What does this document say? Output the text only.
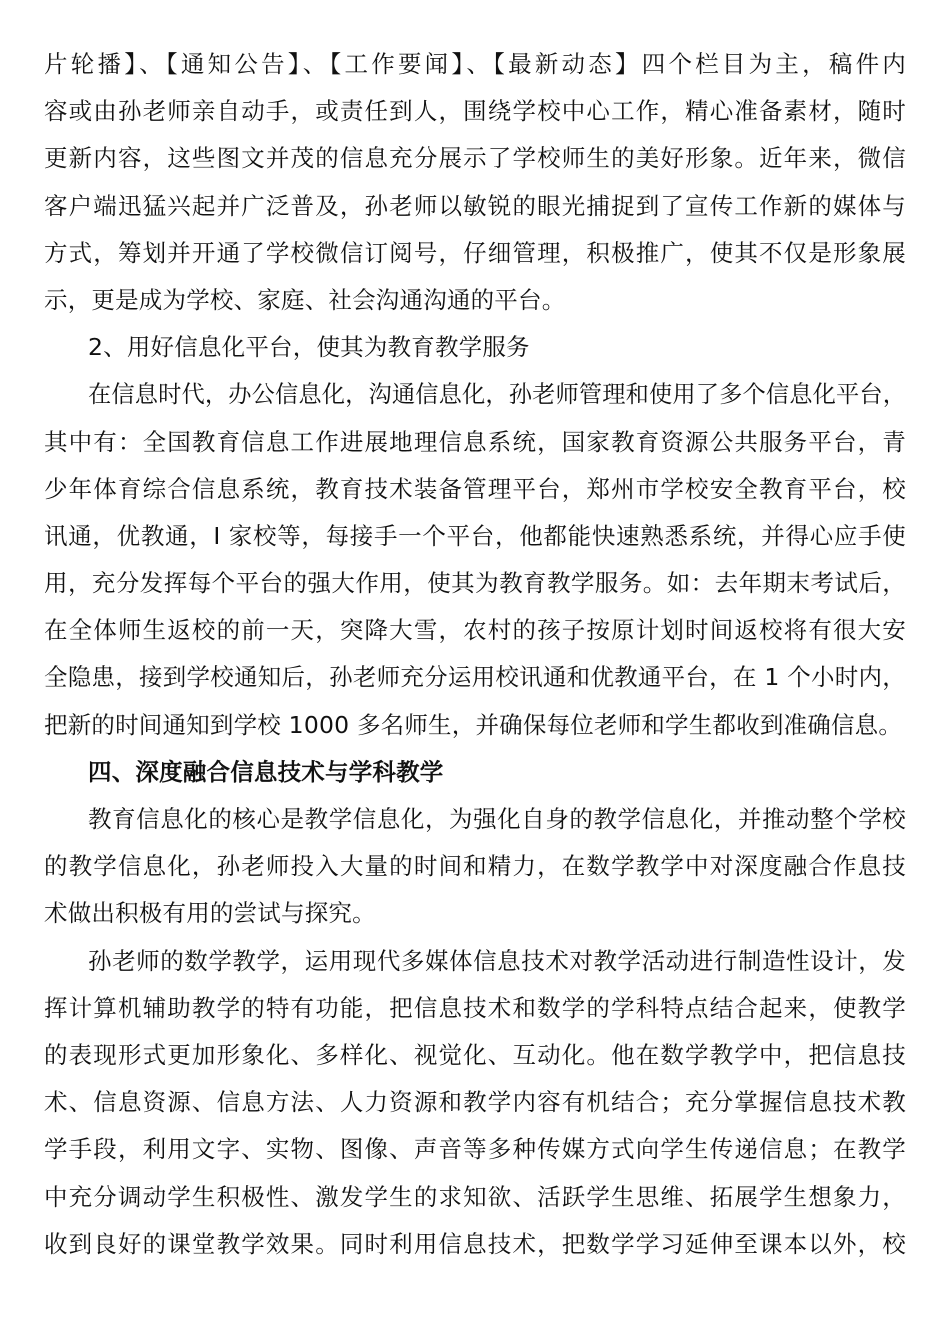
片轮播】、【通知公告】、【工作要闻】、【最新动态】四个栏目为主，稿件内
容或由孙老师亲自动手，或责任到人，围绕学校中心工作，精心准备素材，随时
更新内容，这些图文并茂的信息充分展示了学校师生的美好形象。近年来，微信
客户端迅猛兴起并广泛普及，孙老师以敏锐的眼光捕捉到了宣传工作新的媒体与
方式，筹划并开通了学校微信订阅号，仔细管理，积极推广，使其不仅是形象展
示，更是成为学校、家庭、社会沟通沟通的平台。
2、用好信息化平台，使其为教育教学服务
在信息时代，办公信息化，沟通信息化，孙老师管理和使用了多个信息化平台，
其中有：全国教育信息工作进展地理信息系统，国家教育资源公共服务平台，青
少年体育综合信息系统，教育技术装备管理平台，郑州市学校安全教育平台，校
讯通，优教通，I 家校等，每接手一个平台，他都能快速熟悉系统，并得心应手使
用，充分发挥每个平台的强大作用，使其为教育教学服务。如：去年期末考试后，
在全体师生返校的前一天，突降大雪，农村的孩子按原计划时间返校将有很大安
全隐患，接到学校通知后，孙老师充分运用校讯通和优教通平台，在 1 个小时内，
把新的时间通知到学校 1000 多名师生，并确保每位老师和学生都收到准确信息。
四、深度融合信息技术与学科教学
教育信息化的核心是教学信息化，为强化自身的教学信息化，并推动整个学校
的教学信息化，孙老师投入大量的时间和精力，在数学教学中对深度融合作息技
术做出积极有用的尝试与探究。
孙老师的数学教学，运用现代多媒体信息技术对教学活动进行制造性设计，发
挥计算机辅助教学的特有功能，把信息技术和数学的学科特点结合起来，使教学
的表现形式更加形象化、多样化、视觉化、互动化。他在数学教学中，把信息技
术、信息资源、信息方法、人力资源和教学内容有机结合；充分掌握信息技术教
学手段，利用文字、实物、图像、声音等多种传媒方式向学生传递信息；在教学
中充分调动学生积极性、激发学生的求知欲、活跃学生思维、拓展学生想象力，
收到良好的课堂教学效果。同时利用信息技术，把数学学习延伸至课本以外，校
